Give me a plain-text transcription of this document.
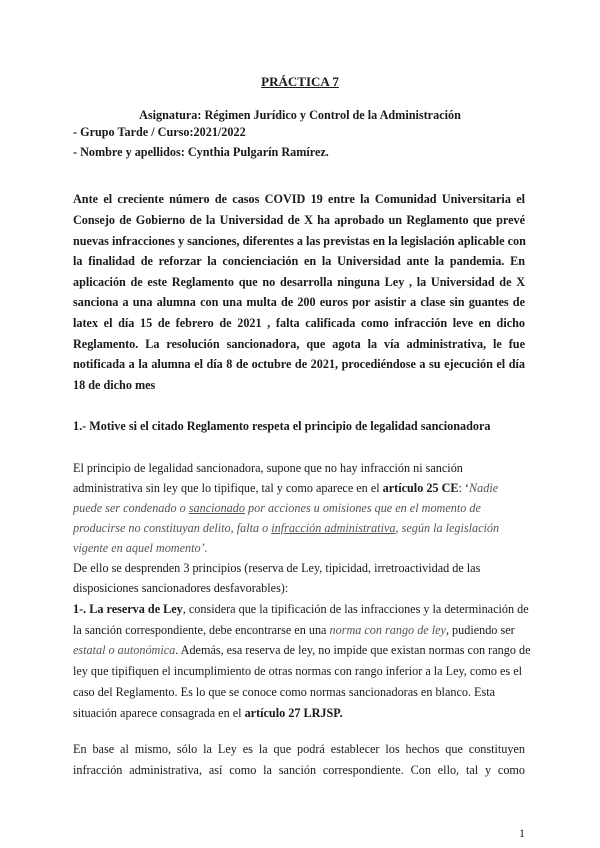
PRÁCTICA 7
Asignatura: Régimen Jurídico y Control de la Administración
- Grupo Tarde / Curso:2021/2022
- Nombre y apellidos: Cynthia Pulgarín Ramírez.
Ante el creciente número de casos COVID 19 entre la Comunidad Universitaria el
Consejo de Gobierno de la Universidad de X ha aprobado un Reglamento que prevé
nuevas infracciones y sanciones, diferentes a las previstas en la legislación aplicable con
la finalidad de reforzar la concienciación en la Universidad ante la pandemia. En
aplicación de este Reglamento que no desarrolla ninguna Ley , la Universidad de X
sanciona a una alumna con una multa de 200 euros por asistir a clase sin guantes de
latex el día 15 de febrero de 2021 , falta calificada como infracción leve en dicho
Reglamento. La resolución sancionadora, que agota la vía administrativa, le fue
notificada a la alumna el día 8 de octubre de 2021, procediéndose a su ejecución el día
18 de dicho mes
1.- Motive si el citado Reglamento respeta el principio de legalidad sancionadora
El principio de legalidad sancionadora, supone que no hay infracción ni sanción
administrativa sin ley que lo tipifique, tal y como aparece en el artículo 25 CE: ‘Nadie
puede ser condenado o sancionado por acciones u omisiones que en el momento de
producirse no constituyan delito, falta o infracción administrativa, según la legislación
vigente en aquel momento’.
De ello se desprenden 3 principios (reserva de Ley, tipicidad, irretroactividad de las
disposiciones sancionadores desfavorables):
1-. La reserva de Ley, considera que la tipificación de las infracciones y la determinación de
la sanción correspondiente, debe encontrarse en una norma con rango de ley, pudiendo ser
estatal o autonómica. Además, esa reserva de ley, no impide que existan normas con rango de
ley que tipifiquen el incumplimiento de otras normas con rango inferior a la Ley, como es el
caso del Reglamento. Es lo que se conoce como normas sancionadoras en blanco. Esta
situación aparece consagrada en el artículo 27 LRJSP.
En base al mismo, sólo la Ley es la que podrá establecer los hechos que constituyen
infracción administrativa, así como la sanción correspondiente. Con ello, tal y como
1
